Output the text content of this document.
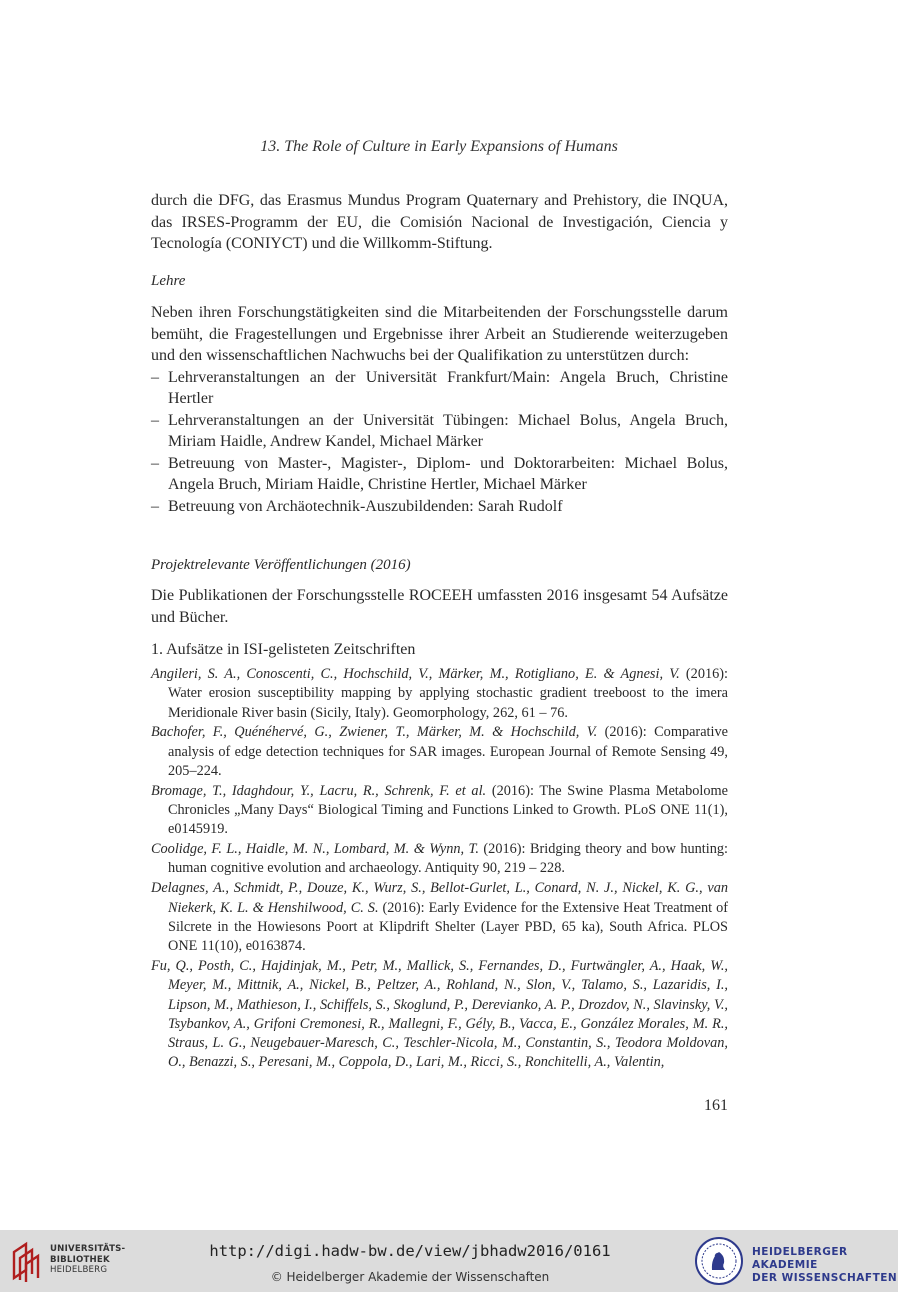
13. The Role of Culture in Early Expansions of Humans

durch die DFG, das Erasmus Mundus Program Quaternary and Prehistory, die INQUA, das IRSES-Programm der EU, die Comisión Nacional de Investigación, Ciencia y Tecnología (CONIYCT) und die Willkomm-Stiftung.

Lehre

Neben ihren Forschungstätigkeiten sind die Mitarbeitenden der Forschungsstelle darum bemüht, die Fragestellungen und Ergebnisse ihrer Arbeit an Studierende weiterzugeben und den wissenschaftlichen Nachwuchs bei der Qualifikation zu unterstützen durch:

– Lehrveranstaltungen an der Universität Frankfurt/Main: Angela Bruch, Christine Hertler
– Lehrveranstaltungen an der Universität Tübingen: Michael Bolus, Angela Bruch, Miriam Haidle, Andrew Kandel, Michael Märker
– Betreuung von Master-, Magister-, Diplom- und Doktorarbeiten: Michael Bolus, Angela Bruch, Miriam Haidle, Christine Hertler, Michael Märker
– Betreuung von Archäotechnik-Auszubildenden: Sarah Rudolf

Projektrelevante Veröffentlichungen (2016)

Die Publikationen der Forschungsstelle ROCEEH umfassten 2016 insgesamt 54 Aufsätze und Bücher.

1. Aufsätze in ISI-gelisteten Zeitschriften

Angileri, S. A., Conoscenti, C., Hochschild, V., Märker, M., Rotigliano, E. & Agnesi, V. (2016): Water erosion susceptibility mapping by applying stochastic gradient treeboost to the imera Meridionale River basin (Sicily, Italy). Geomorphology, 262, 61 – 76.
Bachofer, F., Quénéhervé, G., Zwiener, T., Märker, M. & Hochschild, V. (2016): Comparative analysis of edge detection techniques for SAR images. European Journal of Remote Sensing 49, 205–224.
Bromage, T., Idaghdour, Y., Lacru, R., Schrenk, F. et al. (2016): The Swine Plasma Metabolome Chronicles „Many Days“ Biological Timing and Functions Linked to Growth. PLoS ONE 11(1), e0145919.
Coolidge, F. L., Haidle, M. N., Lombard, M. & Wynn, T. (2016): Bridging theory and bow hunting: human cognitive evolution and archaeology. Antiquity 90, 219 – 228.
Delagnes, A., Schmidt, P., Douze, K., Wurz, S., Bellot-Gurlet, L., Conard, N. J., Nickel, K. G., van Niekerk, K. L. & Henshilwood, C. S. (2016): Early Evidence for the Extensive Heat Treatment of Silcrete in the Howiesons Poort at Klipdrift Shelter (Layer PBD, 65 ka), South Africa. PLOS ONE 11(10), e0163874.
Fu, Q., Posth, C., Hajdinjak, M., Petr, M., Mallick, S., Fernandes, D., Furtwängler, A., Haak, W., Meyer, M., Mittnik, A., Nickel, B., Peltzer, A., Rohland, N., Slon, V., Talamo, S., Lazaridis, I., Lipson, M., Mathieson, I., Schiffels, S., Skoglund, P., Derevianko, A. P., Drozdov, N., Slavinsky, V., Tsybankov, A., Grifoni Cremonesi, R., Mallegni, F., Gély, B., Vacca, E., González Morales, M. R., Straus, L. G., Neugebauer-Maresch, C., Teschler-Nicola, M., Constantin, S., Teodora Moldovan, O., Benazzi, S., Peresani, M., Coppola, D., Lari, M., Ricci, S., Ronchitelli, A., Valentin,
161
UNIVERSITÄTS-
BIBLIOTHEK
HEIDELBERG
http://digi.hadw-bw.de/view/jbhadw2016/0161
© Heidelberger Akademie der Wissenschaften
HEIDELBERGER AKADEMIE
DER WISSENSCHAFTEN
